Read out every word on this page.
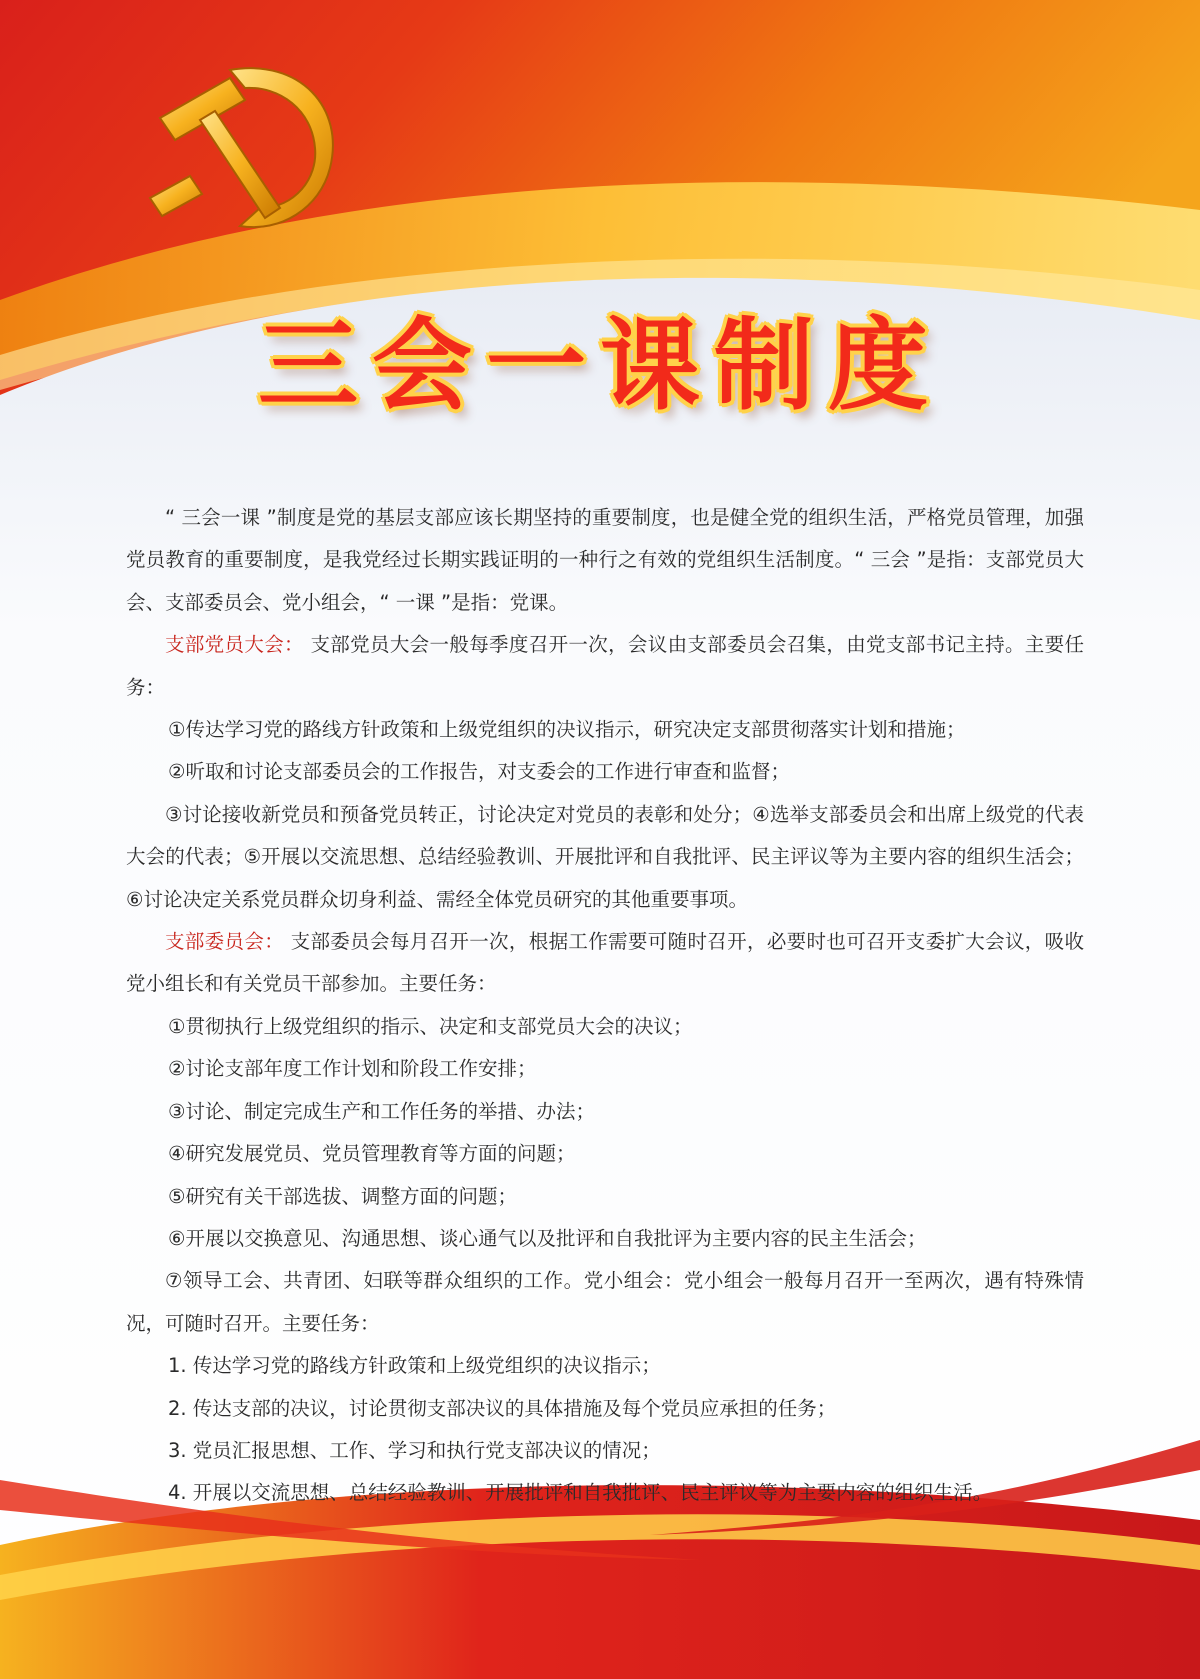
三会一课制度

“ 三会一课 ”制度是党的基层支部应该长期坚持的重要制度，也是健全党的组织生活，严格党员管理，加强党员教育的重要制度，是我党经过长期实践证明的一种行之有效的党组织生活制度。“ 三会 ”是指：支部党员大会、支部委员会、党小组会，“ 一课 ”是指：党课。

支部党员大会： 支部党员大会一般每季度召开一次，会议由支部委员会召集，由党支部书记主持。主要任务：

①传达学习党的路线方针政策和上级党组织的决议指示，研究决定支部贯彻落实计划和措施；

②听取和讨论支部委员会的工作报告，对支委会的工作进行审查和监督；

③讨论接收新党员和预备党员转正，讨论决定对党员的表彰和处分；④选举支部委员会和出席上级党的代表大会的代表；⑤开展以交流思想、总结经验教训、开展批评和自我批评、民主评议等为主要内容的组织生活会；⑥讨论决定关系党员群众切身利益、需经全体党员研究的其他重要事项。

支部委员会： 支部委员会每月召开一次，根据工作需要可随时召开，必要时也可召开支委扩大会议，吸收党小组长和有关党员干部参加。主要任务：

①贯彻执行上级党组织的指示、决定和支部党员大会的决议；

②讨论支部年度工作计划和阶段工作安排；

③讨论、制定完成生产和工作任务的举措、办法；

④研究发展党员、党员管理教育等方面的问题；

⑤研究有关干部选拔、调整方面的问题；

⑥开展以交换意见、沟通思想、谈心通气以及批评和自我批评为主要内容的民主生活会；

⑦领导工会、共青团、妇联等群众组织的工作。党小组会：党小组会一般每月召开一至两次，遇有特殊情况，可随时召开。主要任务：

1. 传达学习党的路线方针政策和上级党组织的决议指示；

2. 传达支部的决议，讨论贯彻支部决议的具体措施及每个党员应承担的任务；

3. 党员汇报思想、工作、学习和执行党支部决议的情况；

4. 开展以交流思想、总结经验教训、开展批评和自我批评、民主评议等为主要内容的组织生活。
